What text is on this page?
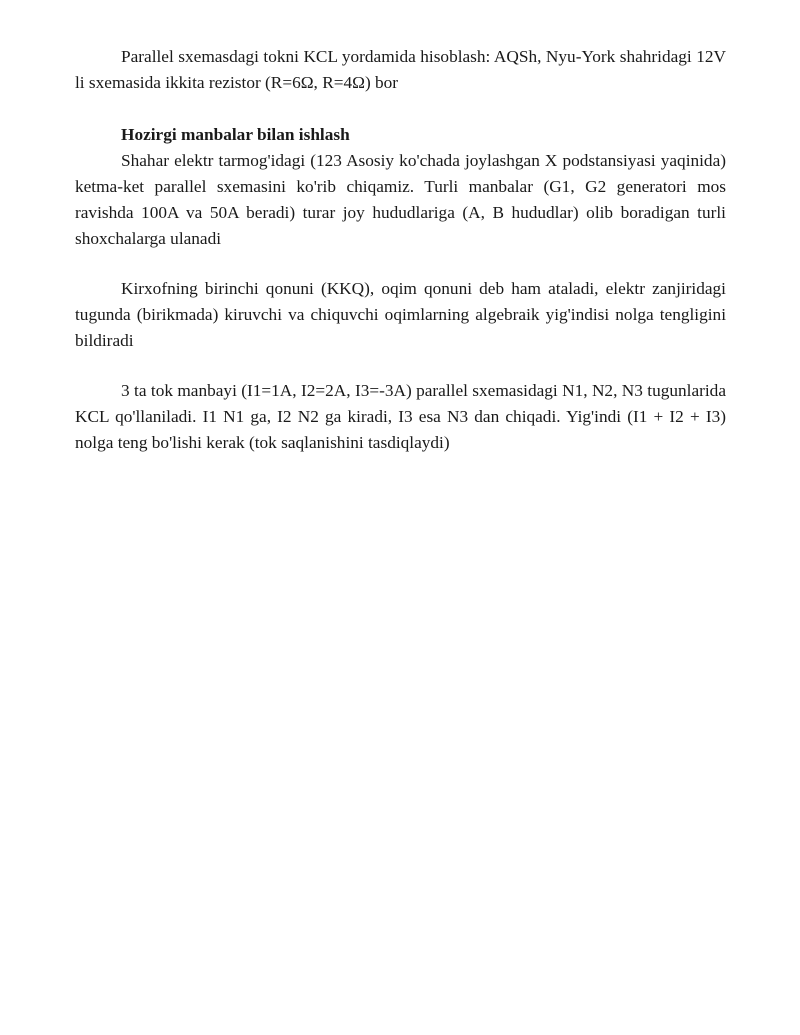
Parallel sxemasdagi tokni KCL yordamida hisoblash: AQSh, Nyu-York shahridagi 12V li sxemasida ikkita rezistor (R=6Ω, R=4Ω) bor

Hozirgi manbalar bilan ishlash

Shahar elektr tarmog'idagi (123 Asosiy ko'chada joylashgan X podstansiyasi yaqinida) ketma-ket parallel sxemasini ko'rib chiqamiz. Turli manbalar (G1, G2 generatori mos ravishda 100A va 50A beradi) turar joy hududlariga (A, B hududlar) olib boradigan turli shoxchalarga ulanadi

Kirxofning birinchi qonuni (KKQ), oqim qonuni deb ham ataladi, elektr zanjiridagi tugunda (birikmada) kiruvchi va chiquvchi oqimlarning algebraik yig'indisi nolga tengligini bildiradi

3 ta tok manbayi (I1=1A, I2=2A, I3=-3A) parallel sxemasidagi N1, N2, N3 tugunlarida KCL qo'llaniladi. I1 N1 ga, I2 N2 ga kiradi, I3 esa N3 dan chiqadi. Yig'indi (I1 + I2 + I3) nolga teng bo'lishi kerak (tok saqlanishini tasdiqlaydi)
